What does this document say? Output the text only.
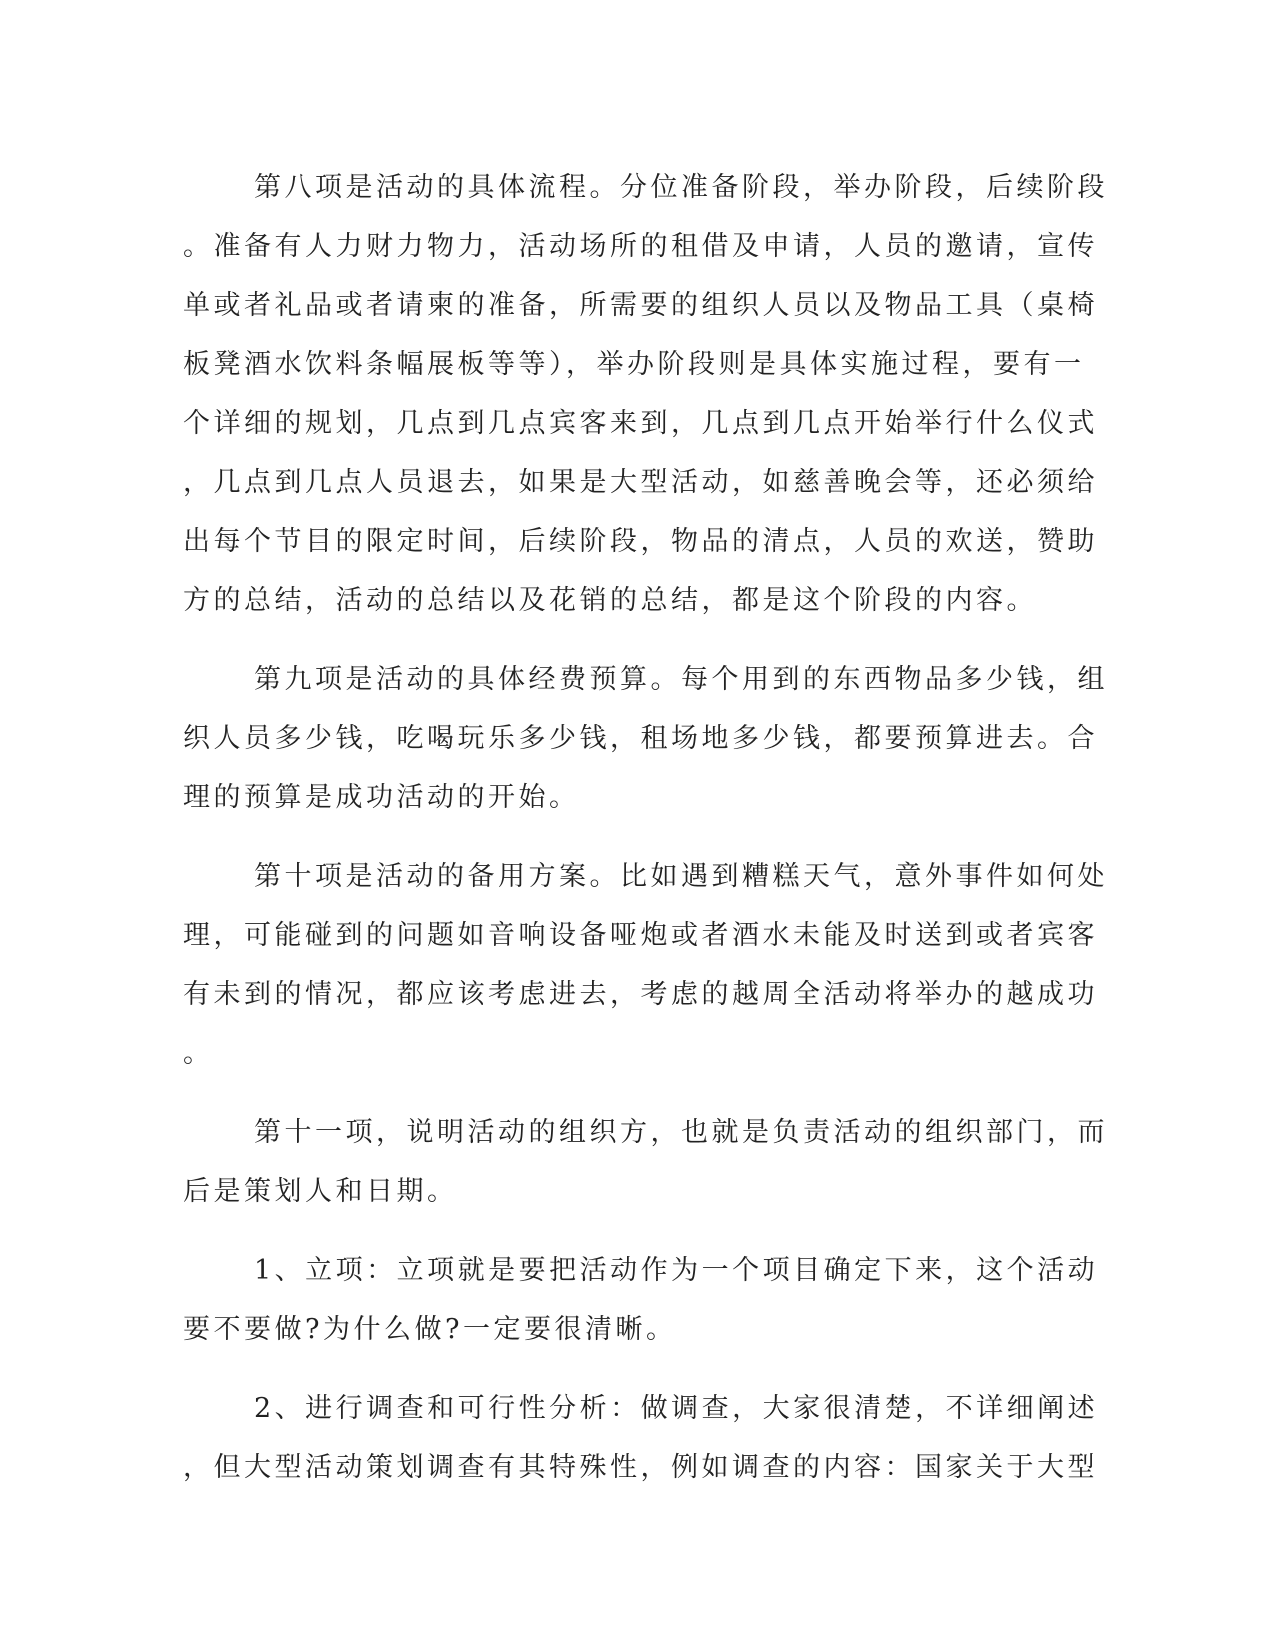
第八项是活动的具体流程。分位准备阶段，举办阶段，后续阶段
。准备有人力财力物力，活动场所的租借及申请，人员的邀请，宣传
单或者礼品或者请柬的准备，所需要的组织人员以及物品工具（桌椅
板凳酒水饮料条幅展板等等），举办阶段则是具体实施过程，要有一
个详细的规划，几点到几点宾客来到，几点到几点开始举行什么仪式
，几点到几点人员退去，如果是大型活动，如慈善晚会等，还必须给
出每个节目的限定时间，后续阶段，物品的清点，人员的欢送，赞助
方的总结，活动的总结以及花销的总结，都是这个阶段的内容。
第九项是活动的具体经费预算。每个用到的东西物品多少钱，组
织人员多少钱，吃喝玩乐多少钱，租场地多少钱，都要预算进去。合
理的预算是成功活动的开始。
第十项是活动的备用方案。比如遇到糟糕天气，意外事件如何处
理，可能碰到的问题如音响设备哑炮或者酒水未能及时送到或者宾客
有未到的情况，都应该考虑进去，考虑的越周全活动将举办的越成功
。
第十一项，说明活动的组织方，也就是负责活动的组织部门，而
后是策划人和日期。
1、立项：立项就是要把活动作为一个项目确定下来，这个活动
要不要做?为什么做?一定要很清晰。
2、进行调查和可行性分析：做调查，大家很清楚，不详细阐述
，但大型活动策划调查有其特殊性，例如调查的内容：国家关于大型
